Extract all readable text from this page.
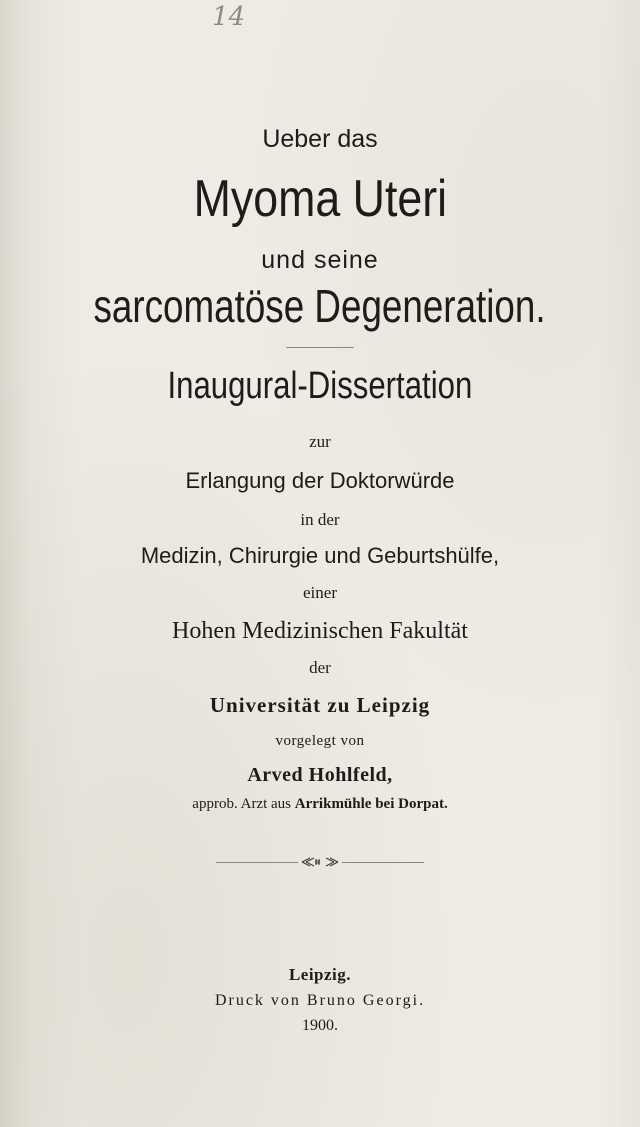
14
Ueber das
Myoma Uteri
und seine
sarcomatöse Degeneration.
Inaugural-Dissertation
zur
Erlangung der Doktorwürde
in der
Medizin, Chirurgie und Geburtshülfe,
einer
Hohen Medizinischen Fakultät
der
Universität zu Leipzig
vorgelegt von
Arved Hohlfeld,
approb. Arzt aus Arrikmühle bei Dorpat.
Leipzig.
Druck von Bruno Georgi.
1900.
